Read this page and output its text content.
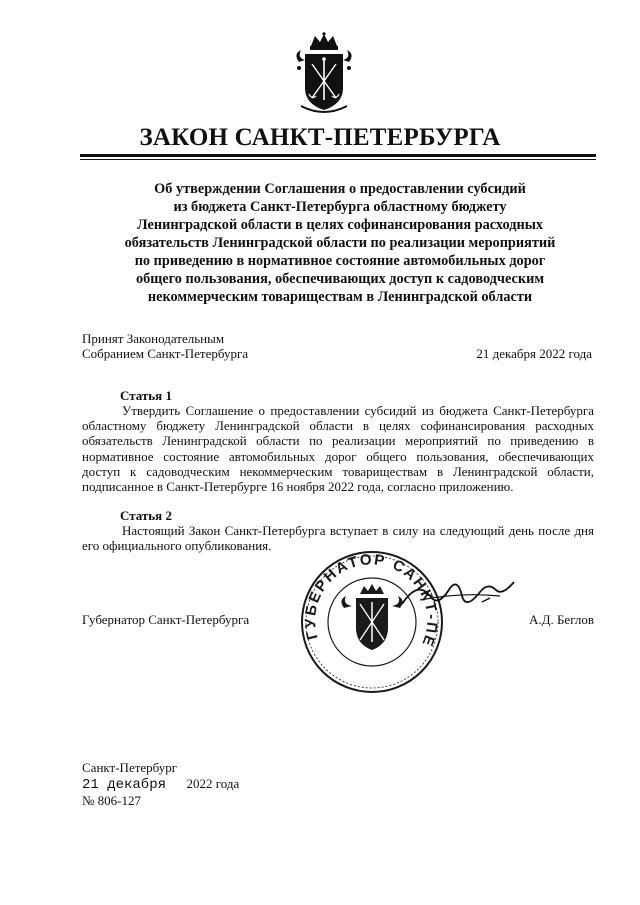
ЗАКОН САНКТ-ПЕТЕРБУРГА
Об утверждении Соглашения о предоставлении субсидий
из бюджета Санкт-Петербурга областному бюджету
Ленинградской области в целях софинансирования расходных
обязательств Ленинградской области по реализации мероприятий
по приведению в нормативное состояние автомобильных дорог
общего пользования, обеспечивающих доступ к садоводческим
некоммерческим товариществам в Ленинградской области
Принят Законодательным
Собранием Санкт-Петербурга	21 декабря 2022 года
Статья 1
Утвердить Соглашение о предоставлении субсидий из бюджета Санкт-Петербурга областному бюджету Ленинградской области в целях софинансирования расходных обязательств Ленинградской области по реализации мероприятий по приведению в нормативное состояние автомобильных дорог общего пользования, обеспечивающих доступ к садоводческим некоммерческим товариществам в Ленинградской области, подписанное в Санкт-Петербурге 16 ноября 2022 года, согласно приложению.
Статья 2
Настоящий Закон Санкт-Петербурга вступает в силу на следующий день после дня его официального опубликования.
ГУБЕРНАТОР САНКТ-ПЕ
Губернатор Санкт-Петербурга	А.Д. Беглов
Санкт-Петербург
21 декабря 2022 года
№ 806-127
